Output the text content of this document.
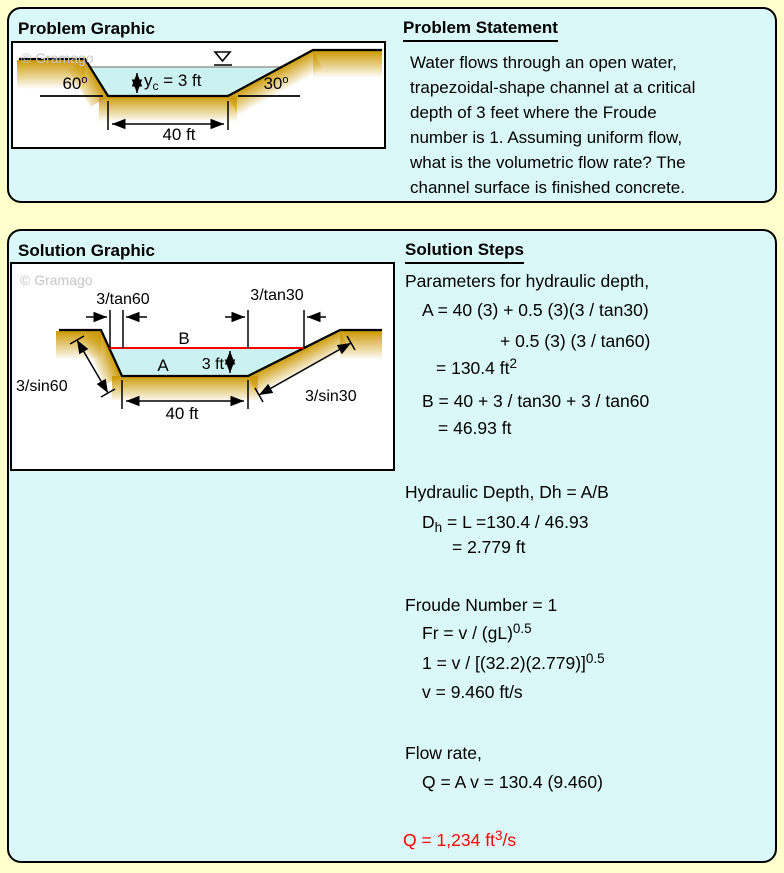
Problem Graphic
© Gramago
60$^o$	30$^o$
$y_c = 3$ ft
40 ft
Problem Statement
Water flows through an open water,
trapezoidal-shape channel at a critical
depth of 3 feet where the Froude
number is 1. Assuming uniform flow,
what is the volumetric flow rate? The
channel surface is finished concrete.
Solution Graphic
© Gramago
3/tan60	3/tan30
B
A 3 ft
3/sin60
3/sin30
40 ft
Solution Steps
Parameters for hydraulic depth,
A = 40 (3) + 0.5 (3)(3 / tan30)
+ 0.5 (3) (3 / tan60)
= 130.4 $ft^2$
B = 40 + 3 / tan30 + 3 / tan60
= 46.93 ft
Hydraulic Depth, Dh = A/B
$D_h = L =130.4 / 46.93$
= 2.779 ft
Froude Number = 1
Fr = v / (gL)$^{0.5}$
$1 = v / [(32.2)(2.779)]^{0.5}$
v = 9.460 ft/s
Flow rate,
Q = A v = 130.4 (9.460)
Q = 1,234 $ft^3/s$
